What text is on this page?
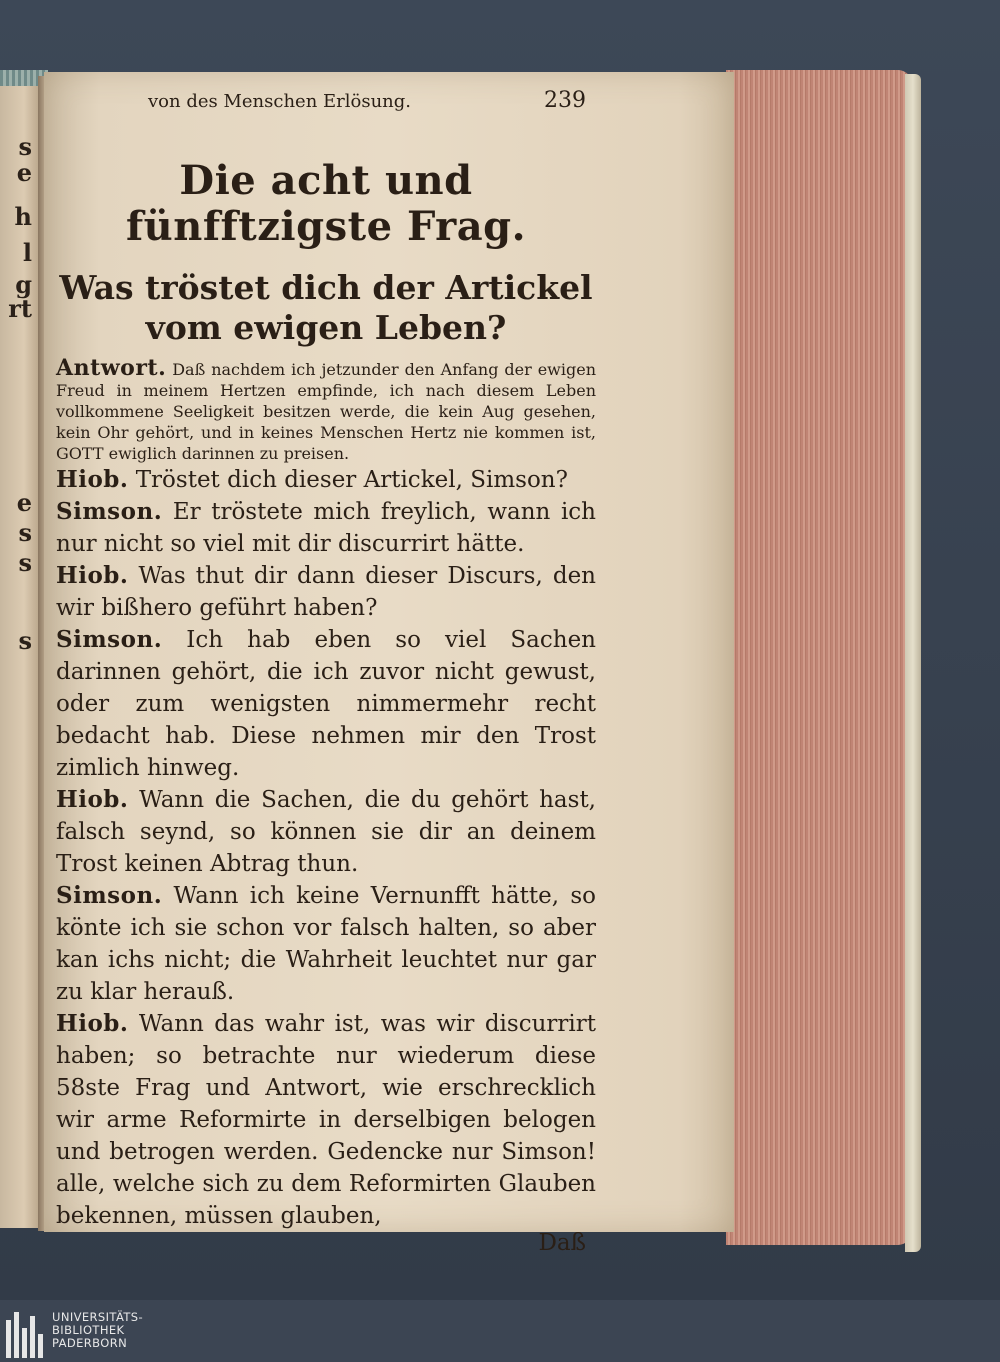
s
e
h
l
g
rt
e
s
s
s
von des Menschen Erlösung.	239
Die acht und fünfftzigste Frag.
Was tröstet dich der Artickel vom ewigen Leben?
Antwort. Daß nachdem ich jetzunder den Anfang der ewigen Freud in meinem Hertzen empfinde, ich nach diesem Leben vollkommene Seeligkeit besitzen werde, die kein Aug gesehen, kein Ohr gehört, und in keines Menschen Hertz nie kommen ist, GOTT ewiglich darinnen zu preisen.
Hiob. Tröstet dich dieser Artickel, Simson?
Simson. Er tröstete mich freylich, wann ich nur nicht so viel mit dir discurrirt hätte.
Hiob. Was thut dir dann dieser Discurs, den wir bißhero geführt haben?
Simson. Ich hab eben so viel Sachen darinnen gehört, die ich zuvor nicht gewust, oder zum wenigsten nimmermehr recht bedacht hab. Diese nehmen mir den Trost zimlich hinweg.
Hiob. Wann die Sachen, die du gehört hast, falsch seynd, so können sie dir an deinem Trost keinen Abtrag thun.
Simson. Wann ich keine Vernunfft hätte, so könte ich sie schon vor falsch halten, so aber kan ichs nicht; die Wahrheit leuchtet nur gar zu klar herauß.
Hiob. Wann das wahr ist, was wir discurrirt haben; so betrachte nur wiederum diese 58ste Frag und Antwort, wie erschrecklich wir arme Reformirte in derselbigen belogen und betrogen werden. Gedencke nur Simson! alle, welche sich zu dem Reformirten Glauben bekennen, müssen glauben,
Daß
UNIVERSITÄTS-
BIBLIOTHEK
PADERBORN
